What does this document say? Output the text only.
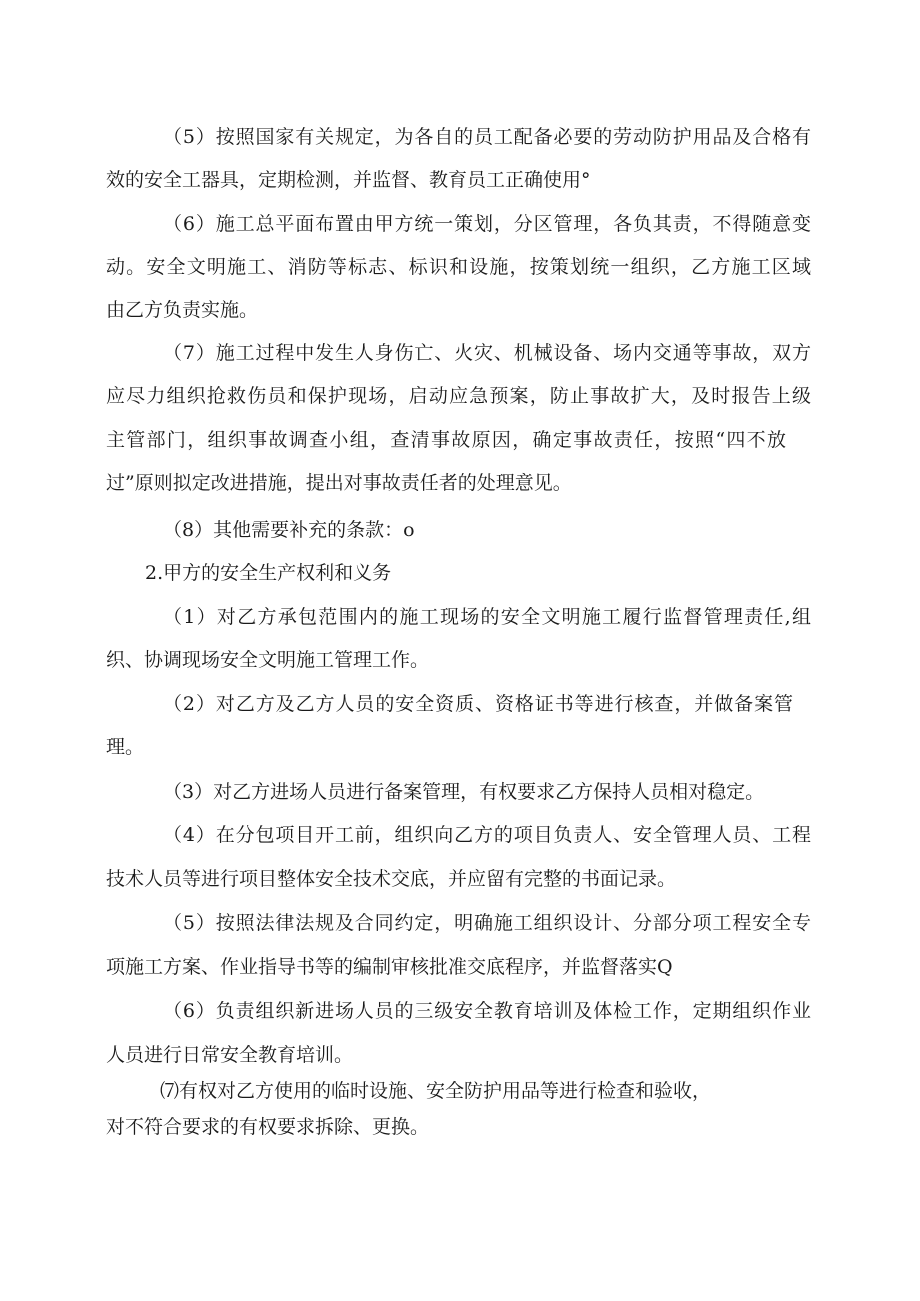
（5）按照国家有关规定，为各自的员工配备必要的劳动防护用品及合格有
效的安全工器具，定期检测，并监督、教育员工正确使用°
（6）施工总平面布置由甲方统一策划，分区管理，各负其责，不得随意变
动。安全文明施工、消防等标志、标识和设施，按策划统一组织，乙方施工区域
由乙方负责实施。
（7）施工过程中发生人身伤亡、火灾、机械设备、场内交通等事故，双方
应尽力组织抢救伤员和保护现场，启动应急预案，防止事故扩大，及时报告上级
主管部门，组织事故调查小组，查清事故原因，确定事故责任，按照“四不放
过”原则拟定改进措施，提出对事故责任者的处理意见。
（8）其他需要补充的条款：o
2.甲方的安全生产权利和义务
（1）对乙方承包范围内的施工现场的安全文明施工履行监督管理责任,组
织、协调现场安全文明施工管理工作。
（2）对乙方及乙方人员的安全资质、资格证书等进行核查，并做备案管
理。
（3）对乙方进场人员进行备案管理，有权要求乙方保持人员相对稳定。
（4）在分包项目开工前，组织向乙方的项目负责人、安全管理人员、工程
技术人员等进行项目整体安全技术交底，并应留有完整的书面记录。
（5）按照法律法规及合同约定，明确施工组织设计、分部分项工程安全专
项施工方案、作业指导书等的编制审核批准交底程序，并监督落实Q
（6）负责组织新进场人员的三级安全教育培训及体检工作，定期组织作业
人员进行日常安全教育培训。
⑺有权对乙方使用的临时设施、安全防护用品等进行检查和验收，
对不符合要求的有权要求拆除、更换。
